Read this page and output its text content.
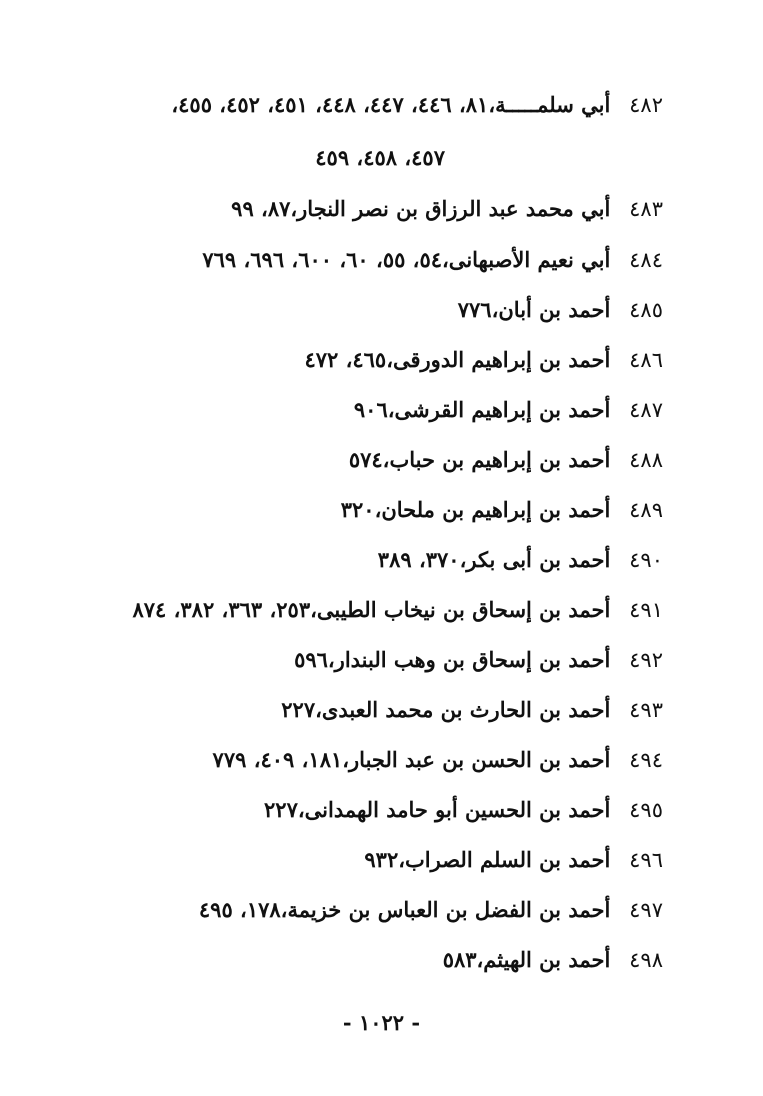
٤٨٢ أبي سلمـــــة،٨١، ٤٤٦، ٤٤٧، ٤٤٨، ٤٥١، ٤٥٢، ٤٥٥،
٤٥٧، ٤٥٨، ٤٥٩
٤٨٣ أبي محمد عبد الرزاق بن نصر النجار،٨٧، ٩٩
٤٨٤ أبي نعيم الأصبهانى،٥٤، ٥٥، ٦٠، ٦٠٠، ٦٩٦، ٧٦٩
٤٨٥ أحمد بن أبان،٧٧٦
٤٨٦ أحمد بن إبراهيم الدورقى،٤٦٥، ٤٧٢
٤٨٧ أحمد بن إبراهيم القرشى،٩٠٦
٤٨٨ أحمد بن إبراهيم بن حباب،٥٧٤
٤٨٩ أحمد بن إبراهيم بن ملحان،٣٢٠
٤٩٠ أحمد بن أبى بكر،٣٧٠، ٣٨٩
٤٩١ أحمد بن إسحاق بن نيخاب الطيبى،٢٥٣، ٣٦٣، ٣٨٢، ٨٧٤
٤٩٢ أحمد بن إسحاق بن وهب البندار،٥٩٦
٤٩٣ أحمد بن الحارث بن محمد العبدى،٢٢٧
٤٩٤ أحمد بن الحسن بن عبد الجبار،١٨١، ٤٠٩، ٧٧٩
٤٩٥ أحمد بن الحسين أبو حامد الهمدانى،٢٢٧
٤٩٦ أحمد بن السلم الصراب،٩٣٢
٤٩٧ أحمد بن الفضل بن العباس بن خزيمة،١٧٨، ٤٩٥
٤٩٨ أحمد بن الهيثم،٥٨٣
- ١٠٢٢ -
